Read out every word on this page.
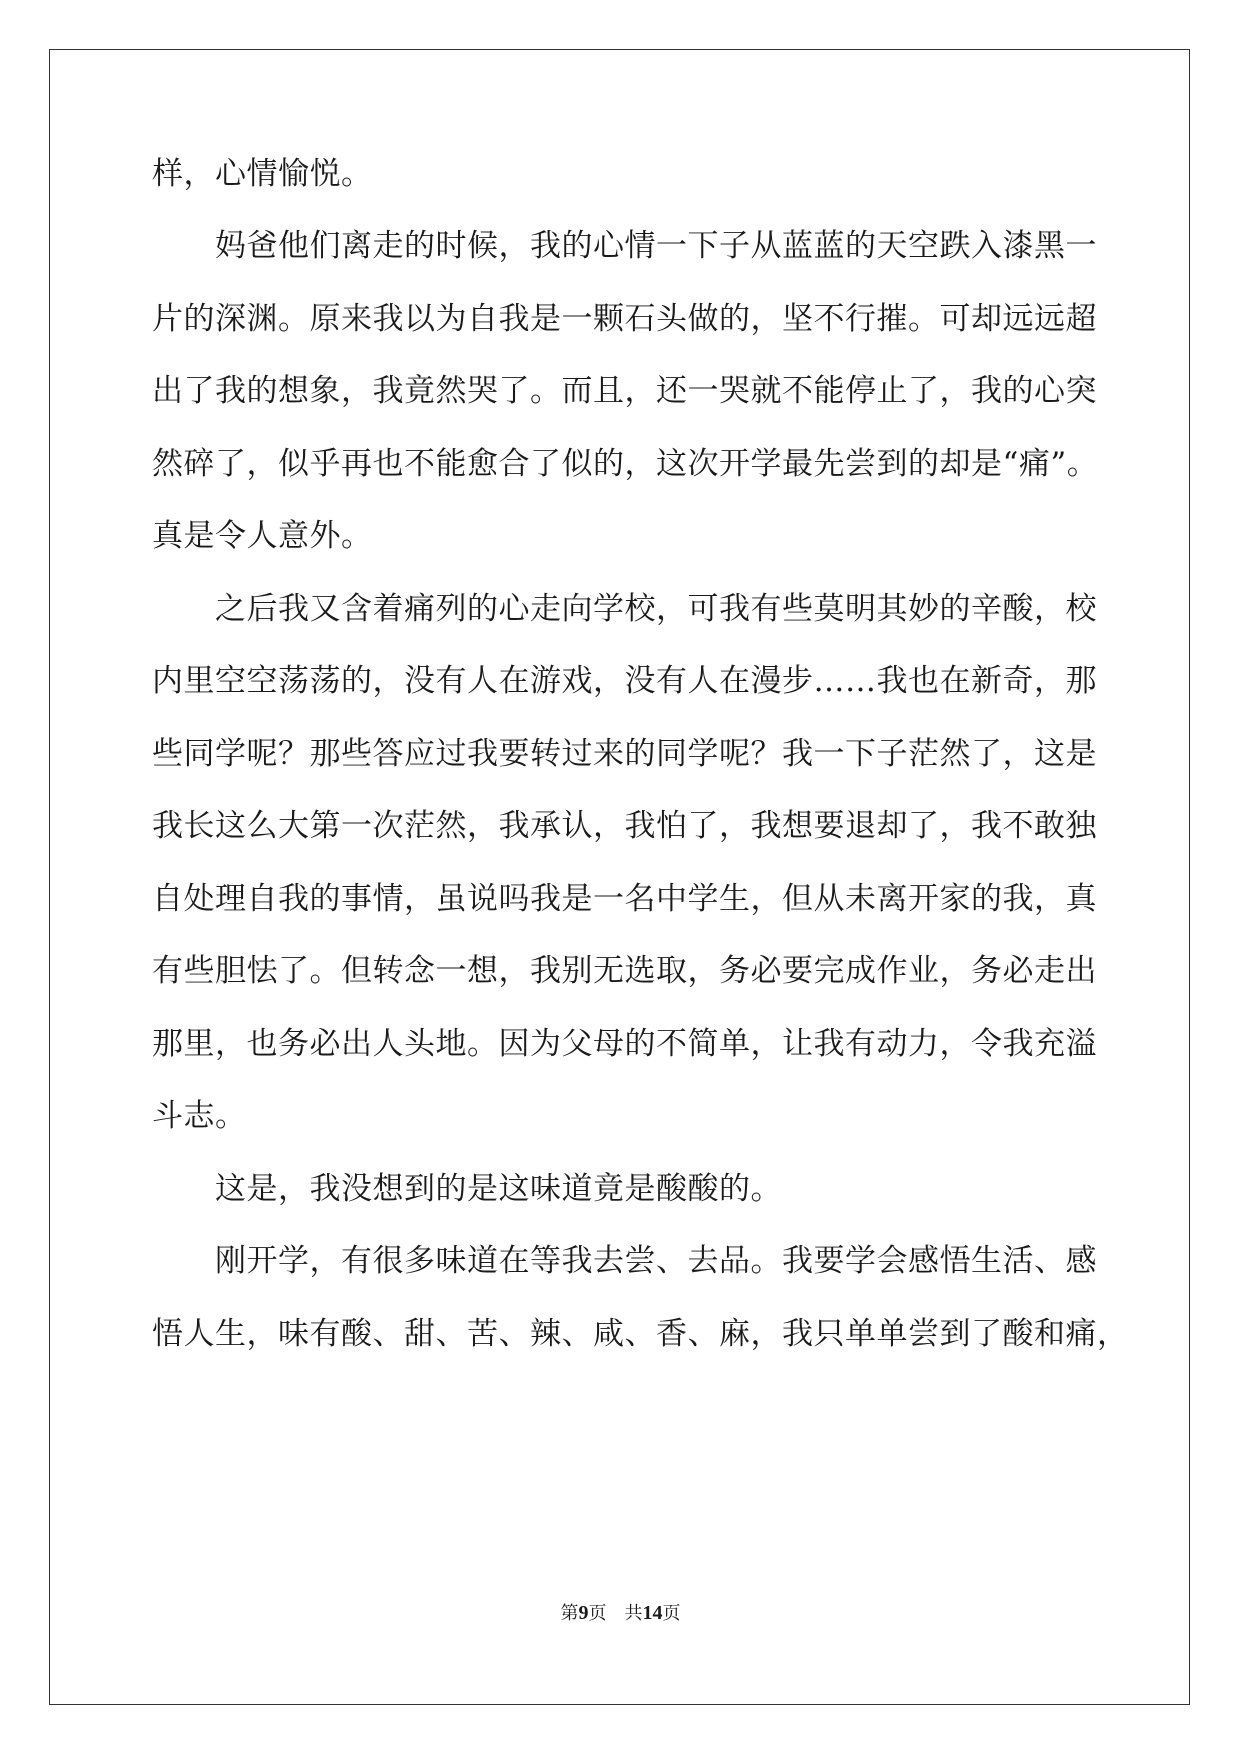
样，心情愉悦。
　　妈爸他们离走的时候，我的心情一下子从蓝蓝的天空跌入漆黑一
片的深渊。原来我以为自我是一颗石头做的，坚不行摧。可却远远超
出了我的想象，我竟然哭了。而且，还一哭就不能停止了，我的心突
然碎了，似乎再也不能愈合了似的，这次开学最先尝到的却是“痛”。
真是令人意外。
　　之后我又含着痛列的心走向学校，可我有些莫明其妙的辛酸，校
内里空空荡荡的，没有人在游戏，没有人在漫步……我也在新奇，那
些同学呢？那些答应过我要转过来的同学呢？我一下子茫然了，这是
我长这么大第一次茫然，我承认，我怕了，我想要退却了，我不敢独
自处理自我的事情，虽说吗我是一名中学生，但从未离开家的我，真
有些胆怯了。但转念一想，我别无选取，务必要完成作业，务必走出
那里，也务必出人头地。因为父母的不简单，让我有动力，令我充溢
斗志。
　　这是，我没想到的是这味道竟是酸酸的。
　　刚开学，有很多味道在等我去尝、去品。我要学会感悟生活、感
悟人生，味有酸、甜、苦、辣、咸、香、麻，我只单单尝到了酸和痛，
第9页 共14页
